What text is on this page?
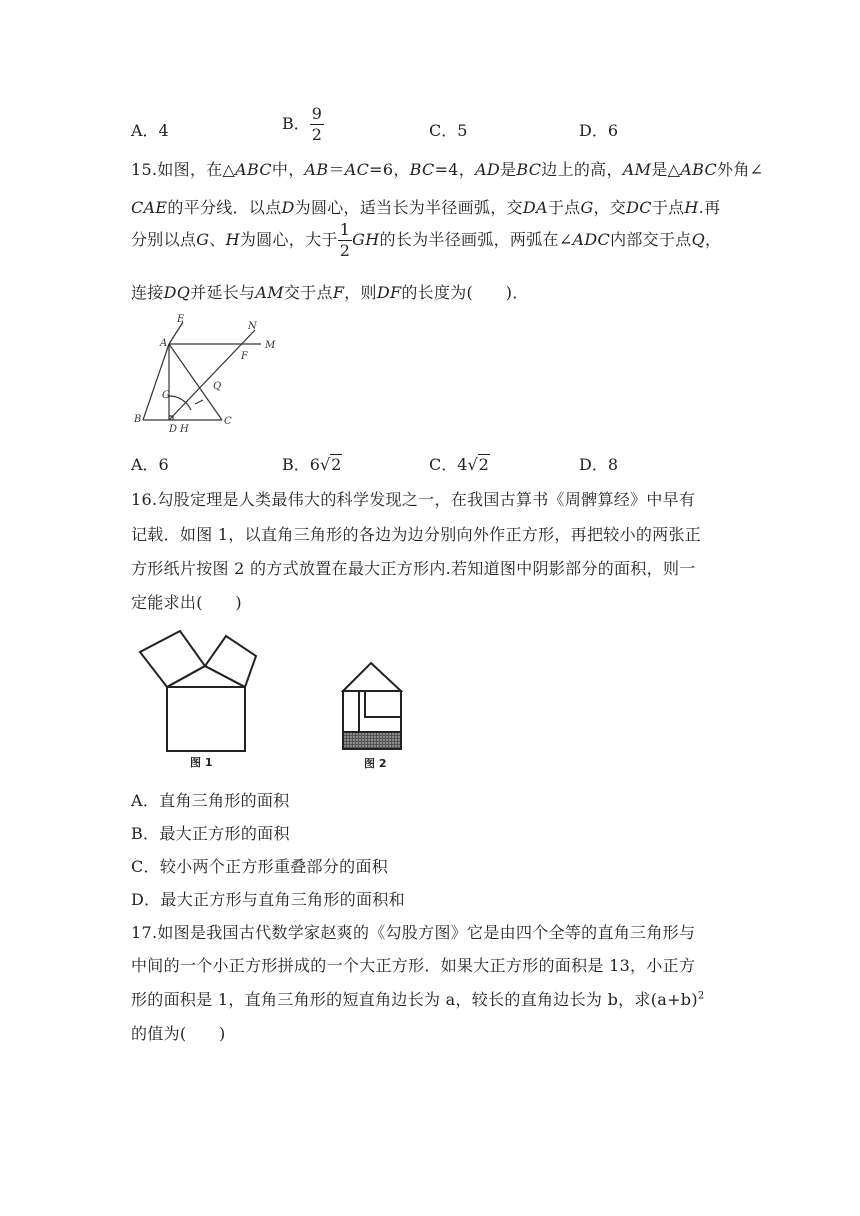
A．4	B． $\frac{9}{2}$	C．5	D．6
15.如图，在△ABC中，AB＝AC=6，BC=4，AD是BC边上的高，AM是△ABC外角∠
CAE的平分线．以点D为圆心，适当长为半径画弧，交DA于点G，交DC于点H.再
分别以点G、H为圆心，大于 $\frac{1}{2}$ GH的长为半径画弧，两弧在∠ADC内部交于点Q，
连接DQ并延长与AM交于点F，则DF的长度为(　　)．
E
N
A	M
F
G
Q
B	C
D H
A．6	B．6√2	C．4√2	D．8
16.勾股定理是人类最伟大的科学发现之一，在我国古算书《周髀算经》中早有
记载．如图 1，以直角三角形的各边为边分别向外作正方形，再把较小的两张正
方形纸片按图 2 的方式放置在最大正方形内.若知道图中阴影部分的面积，则一
定能求出(　　)
图 1	图 2
A．直角三角形的面积
B．最大正方形的面积
C．较小两个正方形重叠部分的面积
D．最大正方形与直角三角形的面积和
17.如图是我国古代数学家赵爽的《勾股方图》它是由四个全等的直角三角形与
中间的一个小正方形拼成的一个大正方形．如果大正方形的面积是 13，小正方
形的面积是 1，直角三角形的短直角边长为 a，较长的直角边长为 b，求$(a+b)^2$
的值为(　　)
